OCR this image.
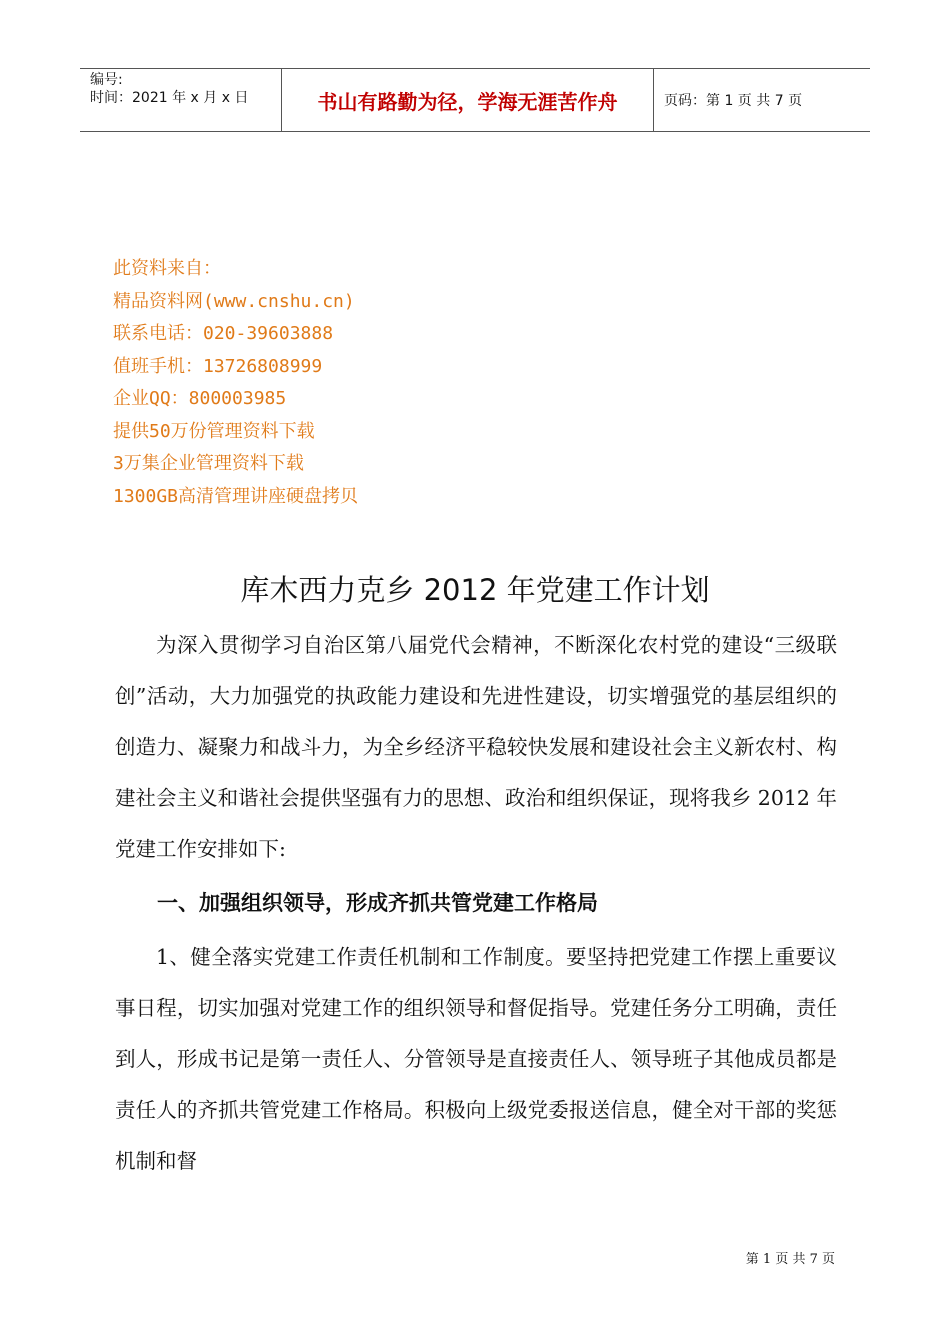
编号:
时间：2021 年 x 月 x 日	书山有路勤为径，学海无涯苦作舟	页码：第 1 页 共 7 页
此资料来自：
精品资料网(www.cnshu.cn)
联系电话：020-39603888
值班手机：13726808999
企业QQ：800003985
提供50万份管理资料下载
3万集企业管理资料下载
1300GB高清管理讲座硬盘拷贝
库木西力克乡 2012 年党建工作计划
为深入贯彻学习自治区第八届党代会精神，不断深化农村党的建设“三级联创”活动，大力加强党的执政能力建设和先进性建设，切实增强党的基层组织的创造力、凝聚力和战斗力，为全乡经济平稳较快发展和建设社会主义新农村、构建社会主义和谐社会提供坚强有力的思想、政治和组织保证，现将我乡 2012 年党建工作安排如下:
一、加强组织领导，形成齐抓共管党建工作格局
1、健全落实党建工作责任机制和工作制度。要坚持把党建工作摆上重要议事日程，切实加强对党建工作的组织领导和督促指导。党建任务分工明确，责任到人，形成书记是第一责任人、分管领导是直接责任人、领导班子其他成员都是责任人的齐抓共管党建工作格局。积极向上级党委报送信息，健全对干部的奖惩机制和督
第 1 页 共 7 页
